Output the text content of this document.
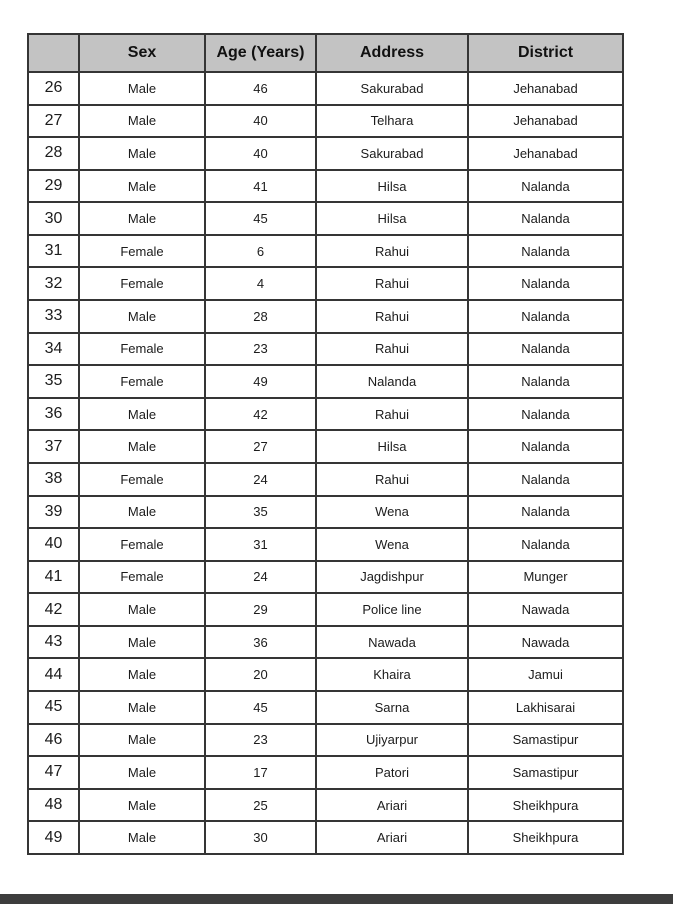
	Sex	Age (Years)	Address	District
26	Male	46	Sakurabad	Jehanabad
27	Male	40	Telhara	Jehanabad
28	Male	40	Sakurabad	Jehanabad
29	Male	41	Hilsa	Nalanda
30	Male	45	Hilsa	Nalanda
31	Female	6	Rahui	Nalanda
32	Female	4	Rahui	Nalanda
33	Male	28	Rahui	Nalanda
34	Female	23	Rahui	Nalanda
35	Female	49	Nalanda	Nalanda
36	Male	42	Rahui	Nalanda
37	Male	27	Hilsa	Nalanda
38	Female	24	Rahui	Nalanda
39	Male	35	Wena	Nalanda
40	Female	31	Wena	Nalanda
41	Female	24	Jagdishpur	Munger
42	Male	29	Police line	Nawada
43	Male	36	Nawada	Nawada
44	Male	20	Khaira	Jamui
45	Male	45	Sarna	Lakhisarai
46	Male	23	Ujiyarpur	Samastipur
47	Male	17	Patori	Samastipur
48	Male	25	Ariari	Sheikhpura
49	Male	30	Ariari	Sheikhpura
